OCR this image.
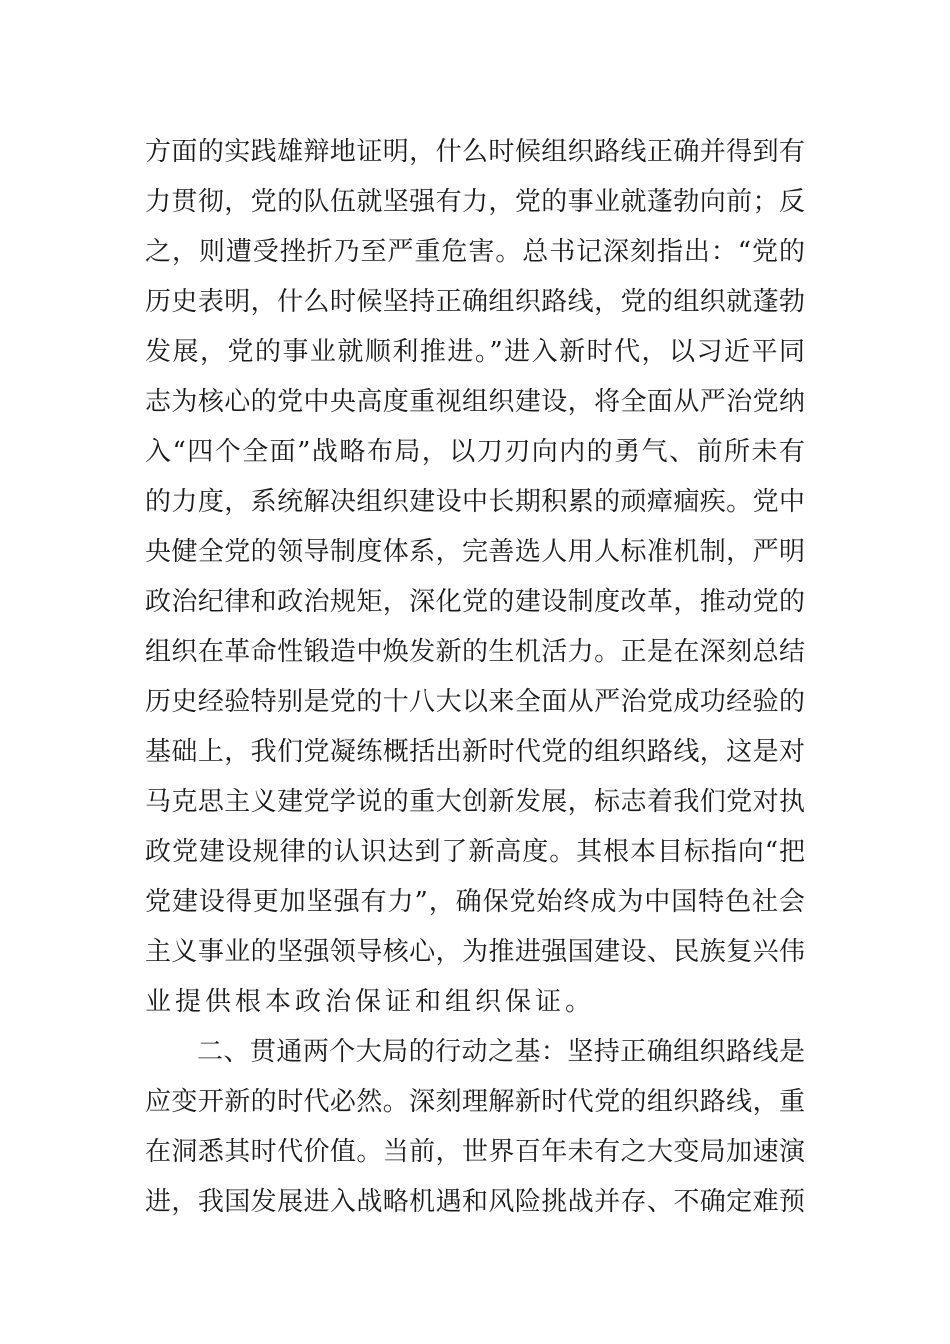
方面的实践雄辩地证明，什么时候组织路线正确并得到有
力贯彻，党的队伍就坚强有力，党的事业就蓬勃向前；反
之，则遭受挫折乃至严重危害。总书记深刻指出：“党的
历史表明，什么时候坚持正确组织路线，党的组织就蓬勃
发展，党的事业就顺利推进。”进入新时代，以习近平同
志为核心的党中央高度重视组织建设，将全面从严治党纳
入“四个全面”战略布局，以刀刃向内的勇气、前所未有
的力度，系统解决组织建设中长期积累的顽瘴痼疾。党中
央健全党的领导制度体系，完善选人用人标准机制，严明
政治纪律和政治规矩，深化党的建设制度改革，推动党的
组织在革命性锻造中焕发新的生机活力。正是在深刻总结
历史经验特别是党的十八大以来全面从严治党成功经验的
基础上，我们党凝练概括出新时代党的组织路线，这是对
马克思主义建党学说的重大创新发展，标志着我们党对执
政党建设规律的认识达到了新高度。其根本目标指向“把
党建设得更加坚强有力”，确保党始终成为中国特色社会
主义事业的坚强领导核心，为推进强国建设、民族复兴伟
业提供根本政治保证和组织保证。
二、贯通两个大局的行动之基：坚持正确组织路线是
应变开新的时代必然。深刻理解新时代党的组织路线，重
在洞悉其时代价值。当前，世界百年未有之大变局加速演
进，我国发展进入战略机遇和风险挑战并存、不确定难预
